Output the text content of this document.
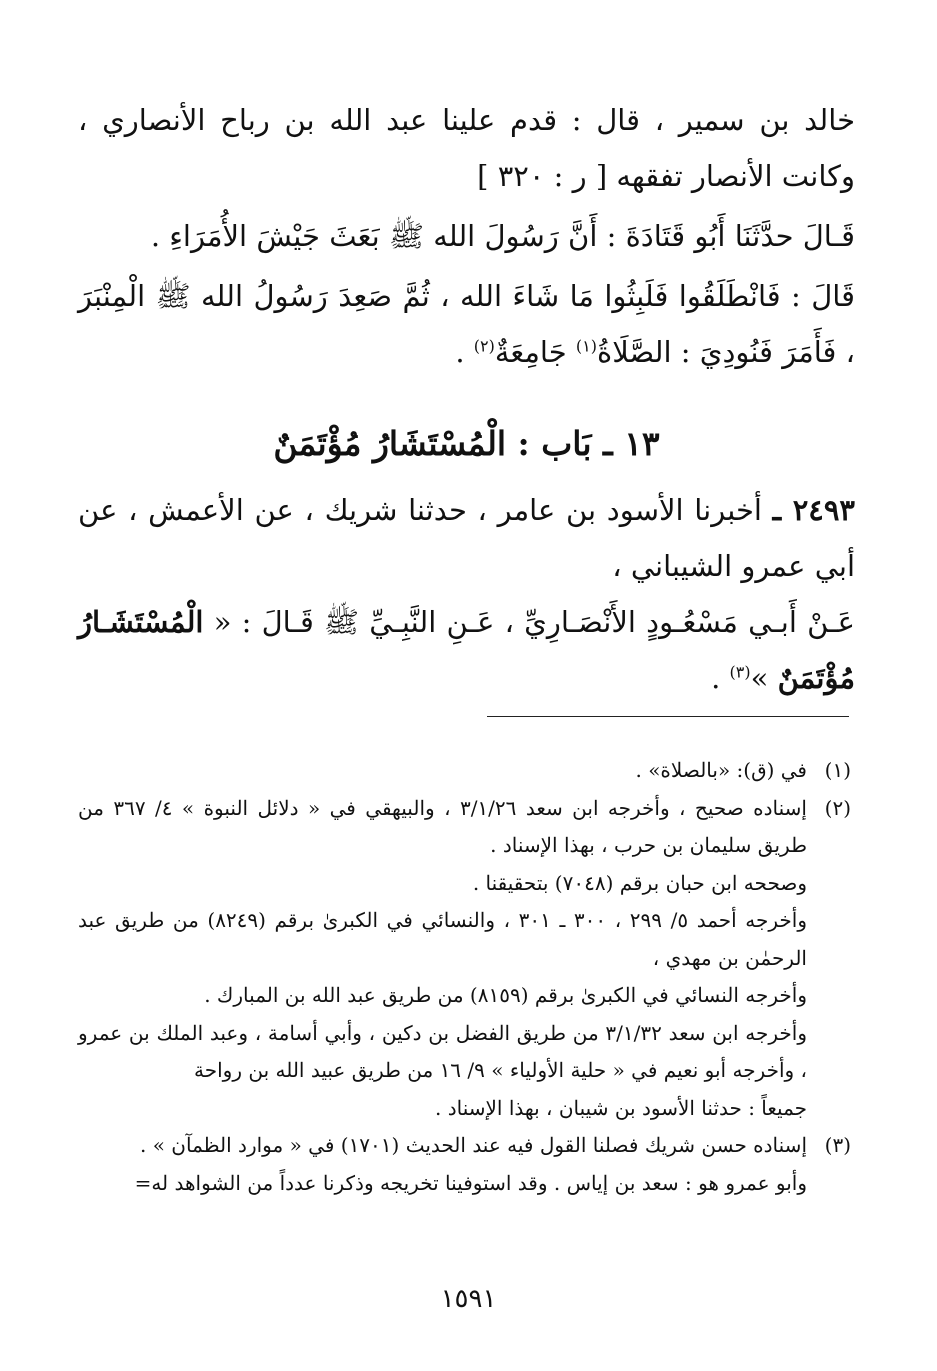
خالد بن سمير ، قال : قدم علينا عبد الله بن رباح الأنصاري ، وكانت الأنصار تفقهه [ ر : ٣٢٠ ]

قَـالَ حدَّثَنَا أَبُو قَتَادَةَ : أَنَّ رَسُولَ الله ﷺ بَعَثَ جَيْشَ الأُمَرَاءِ .

قَالَ : فَانْطَلَقُوا فَلَبِثُوا مَا شَاءَ الله ، ثُمَّ صَعِدَ رَسُولُ الله ﷺ الْمِنْبَرَ ، فَأَمَرَ فَنُودِيَ : الصَّلَاةُ$^{(١)}$ جَامِعَةٌ$^{(٢)}$ .

١٣ ـ بَاب : الْمُسْتَشَارُ مُؤْتَمَنٌ

٢٤٩٣ ـ أخبرنا الأسود بن عامر ، حدثنا شريك ، عن الأعمش ، عن أبي عمرو الشيباني ،

عَـنْ أَبـي مَسْعُـودٍ الأَنْصَـارِيِّ ، عَـنِ النَّبِـيِّ ﷺ قَـالَ : « الْمُسْتَشَـارُ مُؤْتَمَنٌ »$^{(٣)}$ .

(١)

في (ق): «بالصلاة» .

(٢)

إسناده صحيح ، وأخرجه ابن سعد ٣/١/٢٦ ، والبيهقي في « دلائل النبوة » ٤/ ٣٦٧ من طريق سليمان بن حرب ، بهذا الإسناد .

وصححه ابن حبان برقم (٧٠٤٨) بتحقيقنا .

وأخرجه أحمد ٥/ ٢٩٩ ، ٣٠٠ ـ ٣٠١ ، والنسائي في الكبرىٰ برقم (٨٢٤٩) من طريق عبد الرحمٰن بن مهدي ،

وأخرجه النسائي في الكبرىٰ برقم (٨١٥٩) من طريق عبد الله بن المبارك .

وأخرجه ابن سعد ٣/١/٣٢ من طريق الفضل بن دكين ، وأبي أسامة ، وعبد الملك بن عمرو ، وأخرجه أبو نعيم في « حلية الأولياء » ٩/ ١٦ من طريق عبيد الله بن رواحة

جميعاً : حدثنا الأسود بن شيبان ، بهذا الإسناد .

(٣)

إسناده حسن شريك فصلنا القول فيه عند الحديث (١٧٠١) في « موارد الظمآن » .

وأبو عمرو هو : سعد بن إياس . وقد استوفينا تخريجه وذكرنا عدداً من الشواهد له=

١٥٩١
